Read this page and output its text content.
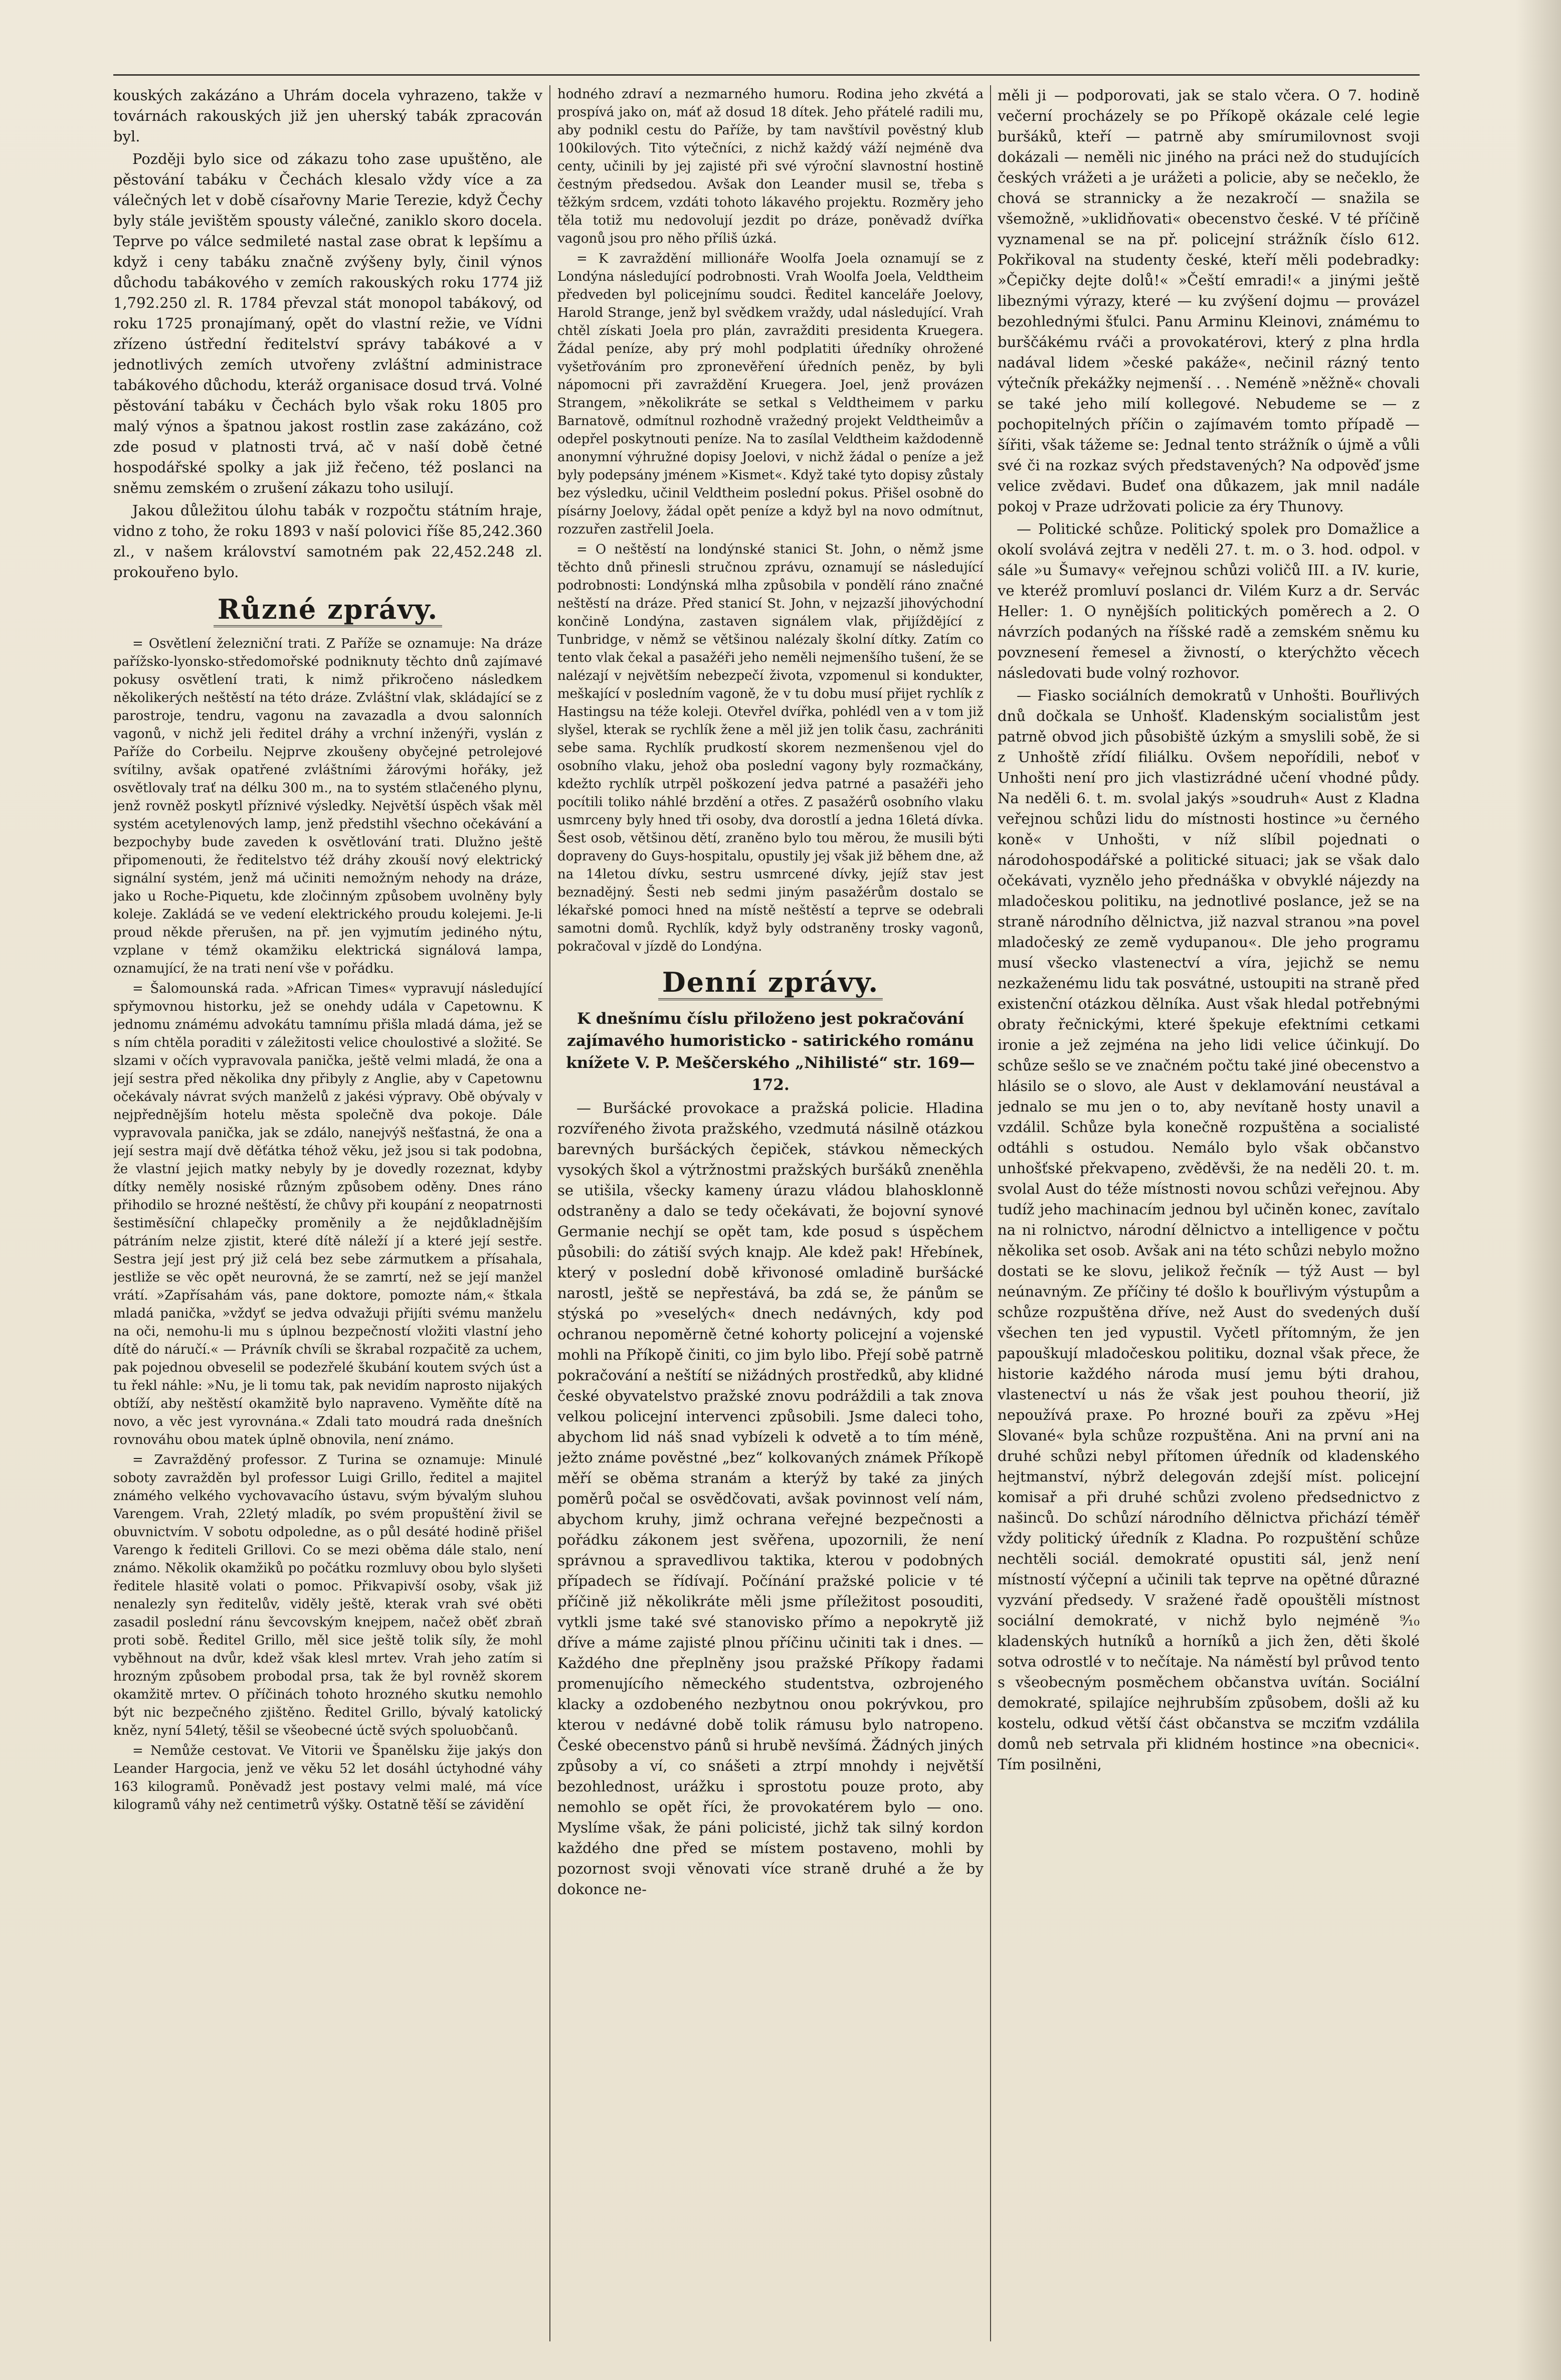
kouských zakázáno a Uhrám docela vyhrazeno, takže v továrnách rakouských již jen uherský tabák zpracován byl.

Později bylo sice od zákazu toho zase upuštěno, ale pěstování tabáku v Čechách klesalo vždy více a za válečných let v době císařovny Marie Terezie, když Čechy byly stále jevištěm spousty válečné, zaniklo skoro docela. Teprve po válce sedmileté nastal zase obrat k lepšímu a když i ceny tabáku značně zvýšeny byly, činil výnos důchodu tabákového v zemích rakouských roku 1774 již 1,792.250 zl. R. 1784 převzal stát monopol tabákový, od roku 1725 pronajímaný, opět do vlastní režie, ve Vídni zřízeno ústřední ředitelství správy tabákové a v jednotlivých zemích utvořeny zvláštní administrace tabákového důchodu, kteráž organisace dosud trvá. Volné pěstování tabáku v Čechách bylo však roku 1805 pro malý výnos a špatnou jakost rostlin zase zakázáno, což zde posud v platnosti trvá, ač v naší době četné hospodářské spolky a jak již řečeno, též poslanci na sněmu zemském o zrušení zákazu toho usilují.

Jakou důležitou úlohu tabák v rozpočtu státním hraje, vidno z toho, že roku 1893 v naší polovici říše 85,242.360 zl., v našem království samotném pak 22,452.248 zl. prokouřeno bylo.

Různé zprávy.

= Osvětlení železniční trati. Z Paříže se oznamuje: Na dráze pařížsko-lyonsko-středomořské podniknuty těchto dnů zajímavé pokusy osvětlení trati, k nimž přikročeno následkem několikerých neštěstí na této dráze. Zvláštní vlak, skládající se z parostroje, tendru, vagonu na zavazadla a dvou salonních vagonů, v nichž jeli ředitel dráhy a vrchní inženýři, vyslán z Paříže do Corbeilu. Nejprve zkoušeny obyčejné petrolejové svítilny, avšak opatřené zvláštními žárovými hořáky, jež osvětlovaly trať na délku 300 m., na to systém stlačeného plynu, jenž rovněž poskytl příznivé výsledky. Největší úspěch však měl systém acetylenových lamp, jenž předstihl všechno očekávání a bezpochyby bude zaveden k osvětlování trati. Dlužno ještě připomenouti, že ředitelstvo též dráhy zkouší nový elektrický signální systém, jenž má učiniti nemožným nehody na dráze, jako u Roche-Piquetu, kde zločinným způsobem uvolněny byly koleje. Zakládá se ve vedení elektrického proudu kolejemi. Je-li proud někde přerušen, na př. jen vyjmutím jediného nýtu, vzplane v témž okamžiku elektrická signálová lampa, oznamující, že na trati není vše v pořádku.

= Šalomounská rada. »African Times« vypravují následující spřymovnou historku, jež se onehdy udála v Capetownu. K jednomu známému advokátu tamnímu přišla mladá dáma, jež se s ním chtěla poraditi v záležitosti velice choulostivé a složité. Se slzami v očích vypravovala panička, ještě velmi mladá, že ona a její sestra před několika dny přibyly z Anglie, aby v Capetownu očekávaly návrat svých manželů z jakési výpravy. Obě obývaly v nejpřednějším hotelu města společně dva pokoje. Dále vypravovala panička, jak se zdálo, nanejvýš nešťastná, že ona a její sestra mají dvě děťátka téhož věku, jež jsou si tak podobna, že vlastní jejich matky nebyly by je dovedly rozeznat, kdyby dítky neměly nosiské různým způsobem oděny. Dnes ráno přihodilo se hrozné neštěstí, že chůvy při koupání z neopatrnosti šestiměsíční chlapečky proměnily a že nejdůkladnějším pátráním nelze zjistit, které dítě náleží jí a které její sestře. Sestra její jest prý již celá bez sebe zármutkem a přísahala, jestliže se věc opět neurovná, že se zamrtí, než se její manžel vrátí. »Zapřísahám vás, pane doktore, pomozte nám,« štkala mladá panička, »vždyť se jedva odvažuji přijíti svému manželu na oči, nemohu-li mu s úplnou bezpečností vložiti vlastní jeho dítě do náručí.« — Právník chvíli se škrabal rozpačitě za uchem, pak pojednou obveselil se podezřelé škubání koutem svých úst a tu řekl náhle: »Nu, je li tomu tak, pak nevidím naprosto nijakých obtíží, aby neštěstí okamžitě bylo napraveno. Vyměňte dítě na novo, a věc jest vyrovnána.« Zdali tato moudrá rada dnešních rovnováhu obou matek úplně obnovila, není známo.

= Zavražděný professor. Z Turina se oznamuje: Minulé soboty zavražděn byl professor Luigi Grillo, ředitel a majitel známého velkého vychovavacího ústavu, svým bývalým sluhou Varengem. Vrah, 22letý mladík, po svém propuštění živil se obuvnictvím. V sobotu odpoledne, as o půl desáté hodině přišel Varengo k řediteli Grillovi. Co se mezi oběma dále stalo, není známo. Několik okamžiků po počátku rozmluvy obou bylo slyšeti ředitele hlasitě volati o pomoc. Přikvapivší osoby, však již nenalezly syn ředitelův, viděly ještě, kterak vrah své oběti zasadil poslední ránu ševcovským knejpem, načež oběť zbraň proti sobě. Ředitel Grillo, měl sice ještě tolik síly, že mohl vyběhnout na dvůr, kdež však klesl mrtev. Vrah jeho zatím si hrozným způsobem probodal prsa, tak že byl rovněž skorem okamžitě mrtev. O příčinách tohoto hrozného skutku nemohlo být nic bezpečného zjištěno. Ředitel Grillo, bývalý katolický kněz, nyní 54letý, těšil se všeobecné úctě svých spoluobčanů.

= Nemůže cestovat. Ve Vitorii ve Španělsku žije jakýs don Leander Hargocia, jenž ve věku 52 let dosáhl úctyhodné váhy 163 kilogramů. Poněvadž jest postavy velmi malé, má více kilogramů váhy než centimetrů výšky. Ostatně těší se závidění

hodného zdraví a nezmarného humoru. Rodina jeho zkvétá a prospívá jako on, máť až dosud 18 dítek. Jeho přátelé radili mu, aby podnikl cestu do Paříže, by tam navštívil pověstný klub 100kilových. Tito výtečníci, z nichž každý váží nejméně dva centy, učinili by jej zajisté při své výroční slavnostní hostině čestným předsedou. Avšak don Leander musil se, třeba s těžkým srdcem, vzdáti tohoto lákavého projektu. Rozměry jeho těla totiž mu nedovolují jezdit po dráze, poněvadž dvířka vagonů jsou pro něho příliš úzká.

= K zavraždění millionáře Woolfa Joela oznamují se z Londýna následující podrobnosti. Vrah Woolfa Joela, Veldtheim předveden byl policejnímu soudci. Ředitel kanceláře Joelovy, Harold Strange, jenž byl svědkem vraždy, udal následující. Vrah chtěl získati Joela pro plán, zavražditi presidenta Kruegera. Žádal peníze, aby prý mohl podplatiti úředníky ohrožené vyšetřováním pro zpronevěření úředních peněz, by byli nápomocni při zavraždění Kruegera. Joel, jenž provázen Strangem, »několikráte se setkal s Veldtheimem v parku Barnatově, odmítnul rozhodně vražedný projekt Veldtheimův a odepřel poskytnouti peníze. Na to zasílal Veldtheim každodenně anonymní výhružné dopisy Joelovi, v nichž žádal o peníze a jež byly podepsány jménem »Kismet«. Když také tyto dopisy zůstaly bez výsledku, učinil Veldtheim poslední pokus. Přišel osobně do písárny Joelovy, žádal opět peníze a když byl na novo odmítnut, rozzuřen zastřelil Joela.

= O neštěstí na londýnské stanici St. John, o němž jsme těchto dnů přinesli stručnou zprávu, oznamují se následující podrobnosti: Londýnská mlha způsobila v pondělí ráno značné neštěstí na dráze. Před stanicí St. John, v nejzazší jihovýchodní končině Londýna, zastaven signálem vlak, přijíždějící z Tunbridge, v němž se většinou nalézaly školní dítky. Zatím co tento vlak čekal a pasažéři jeho neměli nejmenšího tušení, že se nalézají v největším nebezpečí života, vzpomenul si kondukter, meškající v posledním vagoně, že v tu dobu musí přijet rychlík z Hastingsu na téže koleji. Otevřel dvířka, pohlédl ven a v tom již slyšel, kterak se rychlík žene a měl již jen tolik času, zachrániti sebe sama. Rychlík prudkostí skorem nezmenšenou vjel do osobního vlaku, jehož oba poslední vagony byly rozmačkány, kdežto rychlík utrpěl poškození jedva patrné a pasažéři jeho pocítili toliko náhlé brzdění a otřes. Z pasažérů osobního vlaku usmrceny byly hned tři osoby, dva dorostlí a jedna 16letá dívka. Šest osob, většinou dětí, zraněno bylo tou měrou, že musili býti dopraveny do Guys-hospitalu, opustily jej však již během dne, až na 14letou dívku, sestru usmrcené dívky, jejíž stav jest beznadějný. Šesti neb sedmi jiným pasažérům dostalo se lékařské pomoci hned na místě neštěstí a teprve se odebrali samotni domů. Rychlík, když byly odstraněny trosky vagonů, pokračoval v jízdě do Londýna.

Denní zprávy.

K dnešnímu číslu přiloženo jest pokračování zajímavého humoristicko - satirického románu knížete V. P. Meščerského „Nihilisté“ str. 169—172.

— Buršácké provokace a pražská policie. Hladina rozvířeného života pražského, vzedmutá násilně otázkou barevných buršáckých čepiček, stávkou německých vysokých škol a výtržnostmi pražských buršáků zneněhla se utišila, všecky kameny úrazu vládou blahosklonně odstraněny a dalo se tedy očekávati, že bojovní synové Germanie nechjí se opět tam, kde posud s úspěchem působili: do zátiší svých knajp. Ale kdež pak! Hřebínek, který v poslední době křivonosé omladině buršácké narostl, ještě se nepřestává, ba zdá se, že pánům se stýská po »veselých« dnech nedávných, kdy pod ochranou nepoměrně četné kohorty policejní a vojenské mohli na Příkopě činiti, co jim bylo libo. Přejí sobě patrně pokračování a neštítí se nižádných prostředků, aby klidné české obyvatelstvo pražské znovu podráždili a tak znova velkou policejní intervenci způsobili. Jsme daleci toho, abychom lid náš snad vybízeli k odvetě a to tím méně, ježto známe pověstné „bez“ kolkovaných známek Příkopě měří se oběma stranám a kterýž by také za jiných poměrů počal se osvědčovati, avšak povinnost velí nám, abychom kruhy, jimž ochrana veřejné bezpečnosti a pořádku zákonem jest svěřena, upozornili, že není správnou a spravedlivou taktika, kterou v podobných případech se řídívají. Počínání pražské policie v té příčině již několikráte měli jsme příležitost posouditi, vytkli jsme také své stanovisko přímo a nepokrytě již dříve a máme zajisté plnou příčinu učiniti tak i dnes. — Každého dne přeplněny jsou pražské Příkopy řadami promenujícího německého studentstva, ozbrojeného klacky a ozdobeného nezbytnou onou pokrývkou, pro kterou v nedávné době tolik rámusu bylo natropeno. České obecenstvo pánů si hrubě nevšímá. Žádných jiných způsoby a ví, co snášeti a ztrpí mnohdy i největší bezohlednost, urážku i sprostotu pouze proto, aby nemohlo se opět říci, že provokatérem bylo — ono. Myslíme však, že páni policisté, jichž tak silný kordon každého dne před se místem postaveno, mohli by pozornost svoji věnovati více straně druhé a že by dokonce ne-

měli ji — podporovati, jak se stalo včera. O 7. hodině večerní procházely se po Příkopě okázale celé legie buršáků, kteří — patrně aby smírumilovnost svoji dokázali — neměli nic jiného na práci než do studujících českých vrážeti a je urážeti a policie, aby se nečeklo, že chová se strannicky a že nezakročí — snažila se všemožně, »uklidňovati« obecenstvo české. V té příčině vyznamenal se na př. policejní strážník číslo 612. Pokřikoval na studenty české, kteří měli podebradky: »Čepičky dejte dolů!« »Čeští emradi!« a jinými ještě libeznými výrazy, které — ku zvýšení dojmu — provázel bezohlednými šťulci. Panu Arminu Kleinovi, známému to burščákému rváči a provokatérovi, který z plna hrdla nadával lidem »české pakáže«, nečinil rázný tento výtečník překážky nejmenší . . . Neméně »něžně« chovali se také jeho milí kollegové. Nebudeme se — z pochopitelných příčin o zajímavém tomto případě — šířiti, však tážeme se: Jednal tento strážník o újmě a vůli své či na rozkaz svých představených? Na odpověď jsme velice zvědavi. Budeť ona důkazem, jak mnil nadále pokoj v Praze udržovati policie za éry Thunovy.

— Politické schůze. Politický spolek pro Domažlice a okolí svolává zejtra v neděli 27. t. m. o 3. hod. odpol. v sále »u Šumavy« veřejnou schůzi voličů III. a IV. kurie, ve kteréž promluví poslanci dr. Vilém Kurz a dr. Servác Heller: 1. O nynějších politických poměrech a 2. O návrzích podaných na říšské radě a zemském sněmu ku povznesení řemesel a živností, o kterýchžto věcech následovati bude volný rozhovor.

— Fiasko sociálních demokratů v Unhošti. Bouřlivých dnů dočkala se Unhošť. Kladenským socialistům jest patrně obvod jich působiště úzkým a smyslili sobě, že si z Unhoště zřídí filiálku. Ovšem nepořídili, neboť v Unhošti není pro jich vlastizrádné učení vhodné půdy. Na neděli 6. t. m. svolal jakýs »soudruh« Aust z Kladna veřejnou schůzi lidu do místnosti hostince »u černého koně« v Unhošti, v níž slíbil pojednati o národohospodářské a politické situaci; jak se však dalo očekávati, vyznělo jeho přednáška v obvyklé nájezdy na mladočeskou politiku, na jednotlivé poslance, jež se na straně národního dělnictva, již nazval stranou »na povel mladočeský ze země vydupanou«. Dle jeho programu musí všecko vlastenectví a víra, jejichž se nemu nezkaženému lidu tak posvátné, ustoupiti na straně před existenční otázkou dělníka. Aust však hledal potřebnými obraty řečnickými, které špekuje efektními cetkami ironie a jež zejména na jeho lidi velice účinkují. Do schůze sešlo se ve značném počtu také jiné obecenstvo a hlásilo se o slovo, ale Aust v deklamování neustával a jednalo se mu jen o to, aby nevítaně hosty unavil a vzdálil. Schůze byla konečně rozpuštěna a socialisté odtáhli s ostudou. Nemálo bylo však občanstvo unhošťské překvapeno, zvěděvši, že na neděli 20. t. m. svolal Aust do téže místnosti novou schůzi veřejnou. Aby tudíž jeho machinacím jednou byl učiněn konec, zavítalo na ni rolnictvo, národní dělnictvo a intelligence v počtu několika set osob. Avšak ani na této schůzi nebylo možno dostati se ke slovu, jelikož řečník — týž Aust — byl neúnavným. Ze příčiny té došlo k bouřlivým výstupům a schůze rozpuštěna dříve, než Aust do svedených duší všechen ten jed vypustil. Vyčetl přítomným, že jen papouškují mladočeskou politiku, doznal však přece, že historie každého národa musí jemu býti drahou, vlastenectví u nás že však jest pouhou theorií, již nepoužívá praxe. Po hrozné bouři za zpěvu »Hej Slované« byla schůze rozpuštěna. Ani na první ani na druhé schůzi nebyl přítomen úředník od kladenského hejtmanství, nýbrž delegován zdejší míst. policejní komisař a při druhé schůzi zvoleno předsednictvo z našinců. Do schůzí národního dělnictva přichází téměř vždy politický úředník z Kladna. Po rozpuštění schůze nechtěli sociál. demokraté opustiti sál, jenž není místností výčepní a učinili tak teprve na opětné důrazné vyzvání předsedy. V sražené řadě opouštěli místnost sociální demokraté, v nichž bylo nejméně ⁹⁄₁₀ kladenských hutníků a horníků a jich žen, děti školé sotva odrostlé v to nečítaje. Na náměstí byl průvod tento s všeobecným posměchem občanstva uvítán. Sociální demokraté, spilajíce nejhrubším způsobem, došli až ku kostelu, odkud větší část občanstva se mcziťm vzdálila domů neb setrvala při klidném hostince »na obecnici«. Tím posilněni,
